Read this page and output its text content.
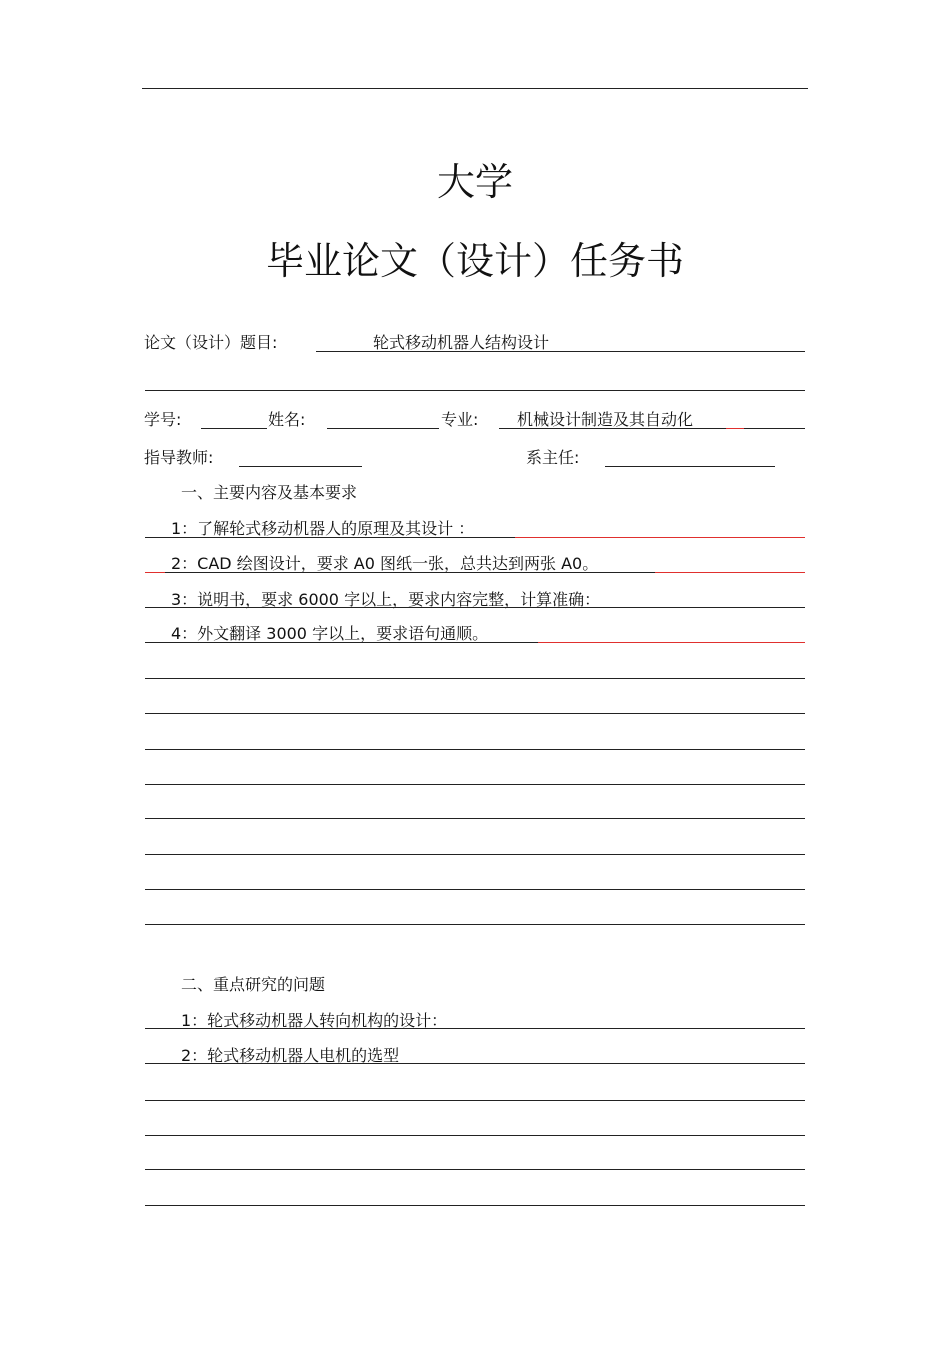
大学
毕业论文（设计）任务书
论文（设计）题目:	轮式移动机器人结构设计
学号:	姓名:	专业: 机械设计制造及其自动化
指导教师:	系主任:
一、主要内容及基本要求
1：了解轮式移动机器人的原理及其设计 ：
2：CAD 绘图设计，要求 A0 图纸一张，总共达到两张 A0。
3：说明书，要求 6000 字以上，要求内容完整，计算准确：
4：外文翻译 3000 字以上，要求语句通顺。
二、重点研究的问题
1：轮式移动机器人转向机构的设计：
2：轮式移动机器人电机的选型
